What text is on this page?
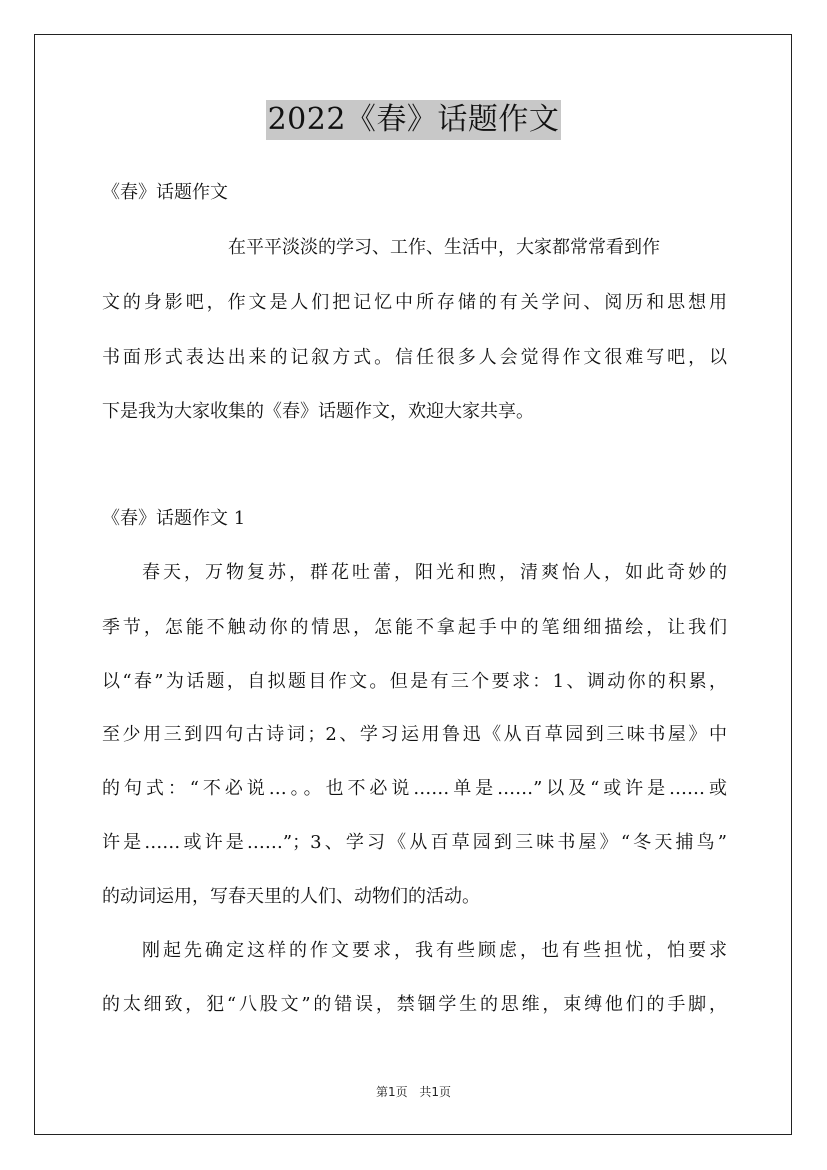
2022《春》话题作文
《春》话题作文
在平平淡淡的学习、工作、生活中，大家都常常看到作
文的身影吧，作文是人们把记忆中所存储的有关学问、阅历和思想用
书面形式表达出来的记叙方式。信任很多人会觉得作文很难写吧，以
下是我为大家收集的《春》话题作文，欢迎大家共享。
《春》话题作文 1
春天，万物复苏，群花吐蕾，阳光和煦，清爽怡人，如此奇妙的
季节，怎能不触动你的情思，怎能不拿起手中的笔细细描绘，让我们
以“春”为话题，自拟题目作文。但是有三个要求：1、调动你的积累，
至少用三到四句古诗词；2、学习运用鲁迅《从百草园到三味书屋》中
的句式：“不必说…。。也不必说……单是……”以及“或许是……或
许是……或许是……”；3、学习《从百草园到三味书屋》“冬天捕鸟”
的动词运用，写春天里的人们、动物们的活动。
刚起先确定这样的作文要求，我有些顾虑，也有些担忧，怕要求
的太细致，犯“八股文”的错误，禁锢学生的思维，束缚他们的手脚，
第1页 共1页
